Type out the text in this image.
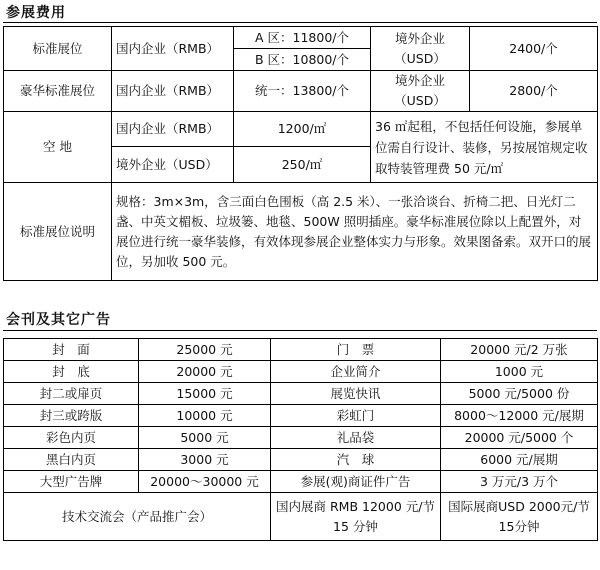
参展费用
标准展位	国内企业（RMB）	A 区：11800/个	境外企业（USD）	2400/个
		B 区：10800/个		
豪华标准展位	国内企业（RMB）	统一：13800/个	境外企业（USD）	2800/个
空 地	国内企业（RMB）	1200/㎡	36 ㎡起租，不包括任何设施，参展单位需自行设计、装修，另按展馆规定收取特装管理费 50 元/㎡	
	境外企业（USD）	250/㎡		
标准展位说明	规格：3m×3m，含三面白色围板（高 2.5 米）、一张洽谈台、折椅二把、日光灯二盏、中英文楣板、垃圾篓、地毯、500W 照明插座。豪华标准展位除以上配置外，对展位进行统一豪华装修，有效体现参展企业整体实力与形象。效果图备索。双开口的展位，另加收 500 元。			
会刊及其它广告
封　面	25000 元	门　票	20000 元/2 万张
封　底	20000 元	企业简介	1000 元
封二或扉页	15000 元	展览快讯	5000 元/5000 份
封三或跨版	10000 元	彩虹门	8000～12000 元/展期
彩色内页	5000 元	礼品袋	20000 元/5000 个
黑白内页	3000 元	汽　球	6000 元/展期
大型广告牌	20000～30000 元	参展(观)商证件广告	3 万元/3 万个
技术交流会（产品推广会）		国内展商 RMB 12000 元/节 15 分钟	国际展商USD 2000元/节 15分钟
